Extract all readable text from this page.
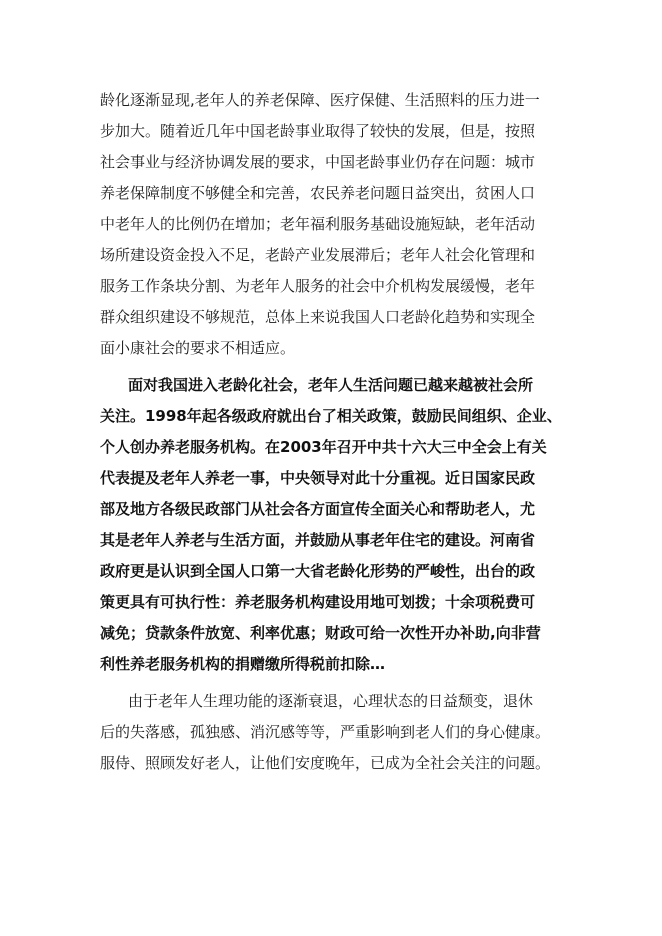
龄化逐渐显现,老年人的养老保障、医疗保健、生活照料的压力进一
步加大。随着近几年中国老龄事业取得了较快的发展，但是，按照
社会事业与经济协调发展的要求，中国老龄事业仍存在问题：城市
养老保障制度不够健全和完善，农民养老问题日益突出，贫困人口
中老年人的比例仍在增加；老年福利服务基础设施短缺，老年活动
场所建设资金投入不足，老龄产业发展滞后；老年人社会化管理和
服务工作条块分割、为老年人服务的社会中介机构发展缓慢，老年
群众组织建设不够规范，总体上来说我国人口老龄化趋势和实现全
面小康社会的要求不相适应。
面对我国进入老龄化社会，老年人生活问题已越来越被社会所
关注。1998年起各级政府就出台了相关政策，鼓励民间组织、企业、
个人创办养老服务机构。在2003年召开中共十六大三中全会上有关
代表提及老年人养老一事，中央领导对此十分重视。近日国家民政
部及地方各级民政部门从社会各方面宣传全面关心和帮助老人，尤
其是老年人养老与生活方面，并鼓励从事老年住宅的建设。河南省
政府更是认识到全国人口第一大省老龄化形势的严峻性，出台的政
策更具有可执行性：养老服务机构建设用地可划拨；十余项税费可
减免；贷款条件放宽、利率优惠；财政可给一次性开办补助,向非营
利性养老服务机构的捐赠缴所得税前扣除…
由于老年人生理功能的逐渐衰退，心理状态的日益颓变，退休
后的失落感，孤独感、消沉感等等，严重影响到老人们的身心健康。
服侍、照顾发好老人，让他们安度晚年，已成为全社会关注的问题。
